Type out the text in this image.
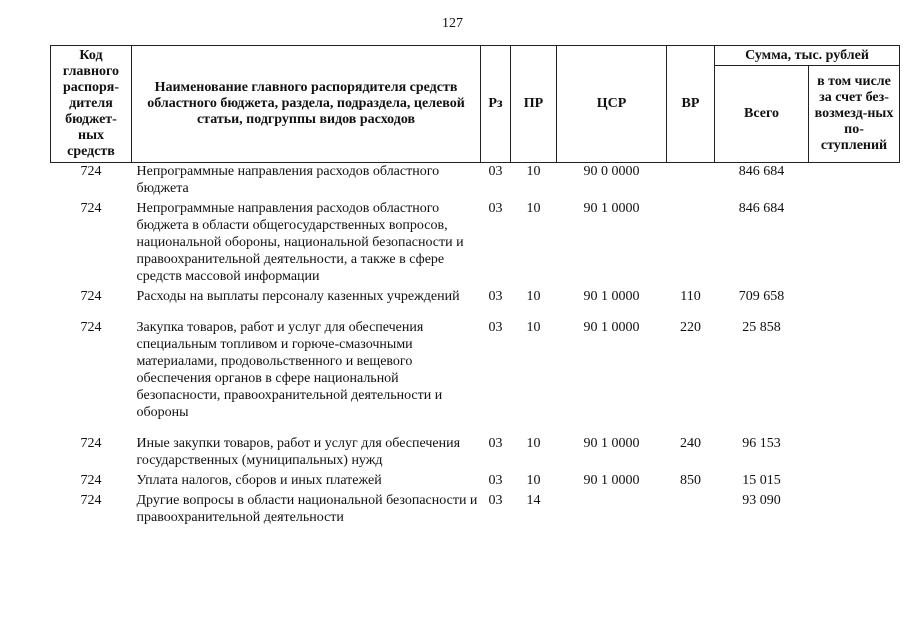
127
Код главного распоря-дителя бюджет-ных средств	Наименование главного распорядителя средств областного бюджета, раздела, подраздела, целевой статьи, подгруппы видов расходов	Рз	ПР	ЦСР	ВР	Сумма, тыс. рублей	
						Всего	в том числе за счет без-возмезд-ных по-ступлений
724	Непрограммные направления расходов областного бюджета	03	10	90 0 0000		846 684	
724	Непрограммные направления расходов областного бюджета в области общегосударственных вопросов, национальной обороны, национальной безопасности и правоохранительной деятельности, а также в сфере средств массовой информации	03	10	90 1 0000		846 684	
724	Расходы на выплаты персоналу казенных учреждений	03	10	90 1 0000	110	709 658	
724	Закупка товаров, работ и услуг для обеспечения специальным топливом и горюче-смазочными материалами, продовольственного и вещевого обеспечения органов в сфере национальной безопасности, правоохранительной деятельности и обороны	03	10	90 1 0000	220	25 858	
724	Иные закупки товаров, работ и услуг для обеспечения государственных (муниципальных) нужд	03	10	90 1 0000	240	96 153	
724	Уплата налогов, сборов и иных платежей	03	10	90 1 0000	850	15 015	
724	Другие вопросы в области национальной безопасности и правоохранительной деятельности	03	14			93 090	
